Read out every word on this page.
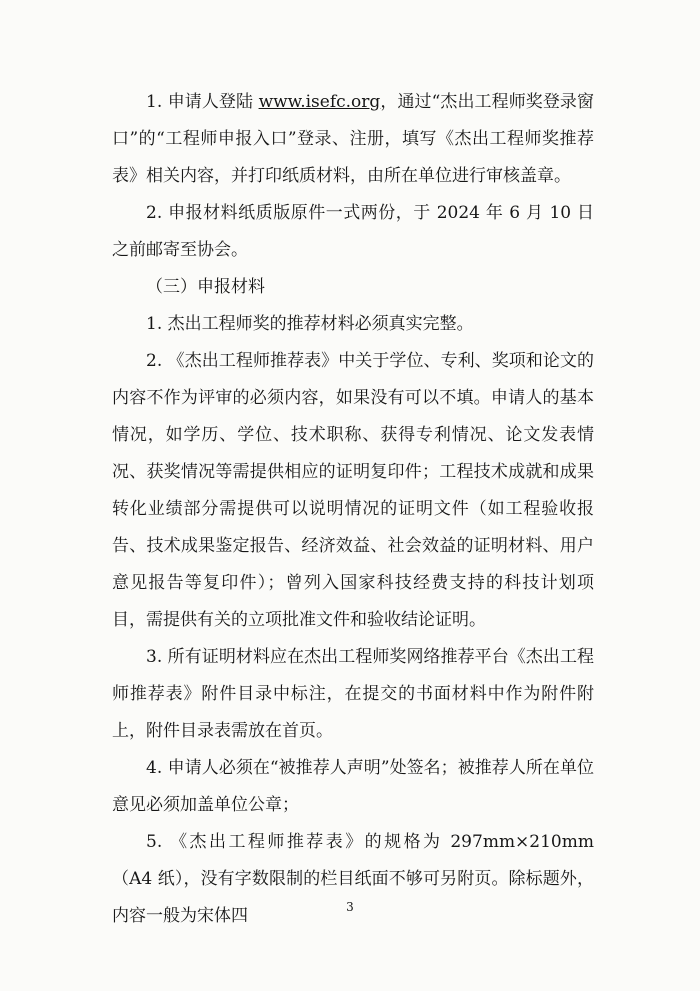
1. 申请人登陆 www.isefc.org，通过“杰出工程师奖登录窗口”的“工程师申报入口”登录、注册，填写《杰出工程师奖推荐表》相关内容，并打印纸质材料，由所在单位进行审核盖章。

2. 申报材料纸质版原件一式两份，于 2024 年 6 月 10 日之前邮寄至协会。

（三）申报材料

1. 杰出工程师奖的推荐材料必须真实完整。

2. 《杰出工程师推荐表》中关于学位、专利、奖项和论文的内容不作为评审的必须内容，如果没有可以不填。申请人的基本情况，如学历、学位、技术职称、获得专利情况、论文发表情况、获奖情况等需提供相应的证明复印件；工程技术成就和成果转化业绩部分需提供可以说明情况的证明文件（如工程验收报告、技术成果鉴定报告、经济效益、社会效益的证明材料、用户意见报告等复印件）；曾列入国家科技经费支持的科技计划项目，需提供有关的立项批准文件和验收结论证明。

3. 所有证明材料应在杰出工程师奖网络推荐平台《杰出工程师推荐表》附件目录中标注，在提交的书面材料中作为附件附上，附件目录表需放在首页。

4. 申请人必须在“被推荐人声明”处签名；被推荐人所在单位意见必须加盖单位公章；

5. 《杰出工程师推荐表》的规格为 297mm×210mm（A4 纸），没有字数限制的栏目纸面不够可另附页。除标题外，内容一般为宋体四	3
